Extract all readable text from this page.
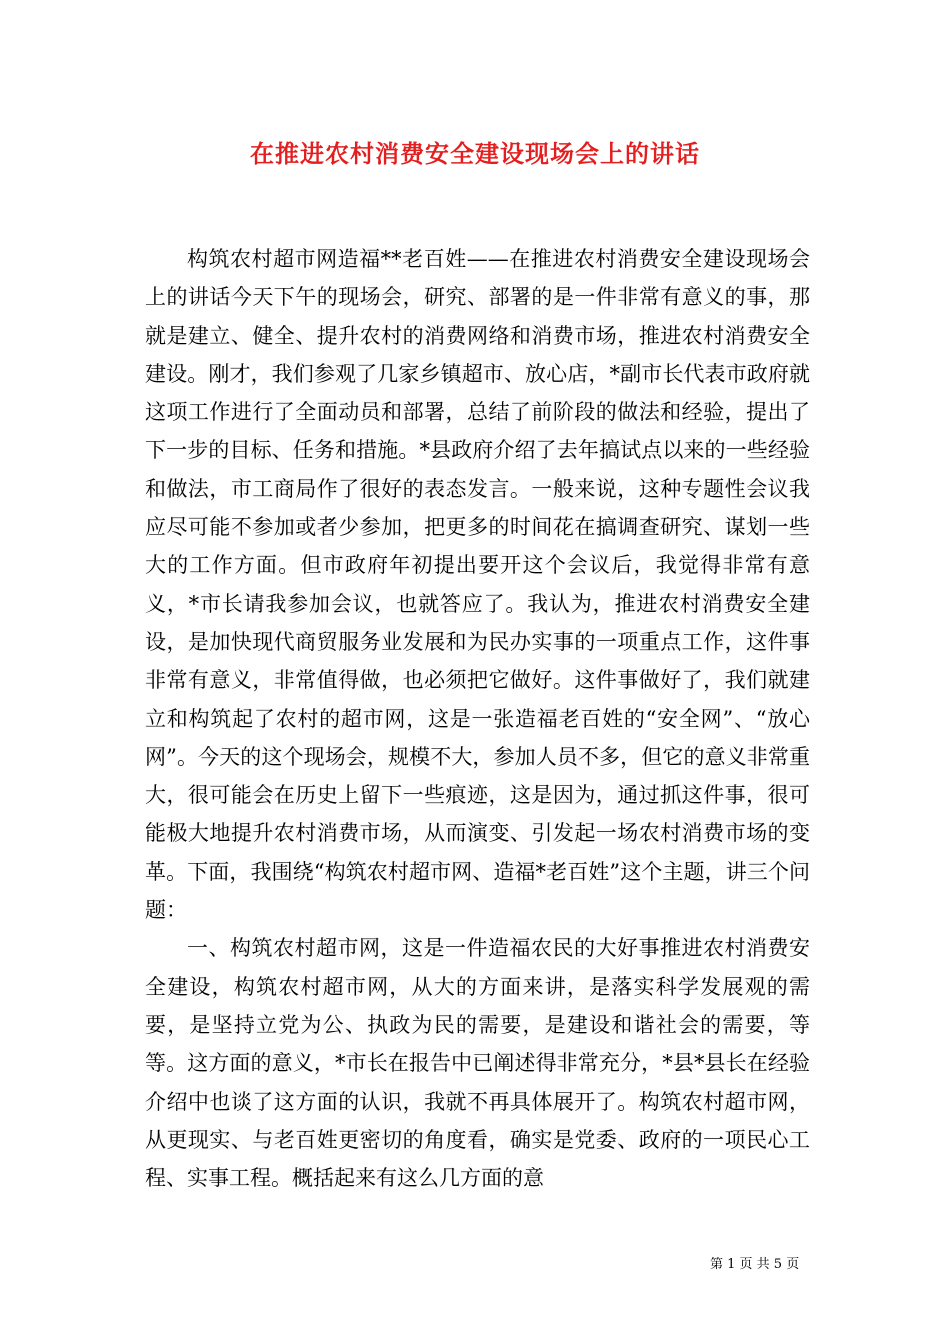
在推进农村消费安全建设现场会上的讲话

构筑农村超市网造福**老百姓——在推进农村消费安全建设现场会上的讲话今天下午的现场会，研究、部署的是一件非常有意义的事，那就是建立、健全、提升农村的消费网络和消费市场，推进农村消费安全建设。刚才，我们参观了几家乡镇超市、放心店，*副市长代表市政府就这项工作进行了全面动员和部署，总结了前阶段的做法和经验，提出了下一步的目标、任务和措施。*县政府介绍了去年搞试点以来的一些经验和做法，市工商局作了很好的表态发言。一般来说，这种专题性会议我应尽可能不参加或者少参加，把更多的时间花在搞调查研究、谋划一些大的工作方面。但市政府年初提出要开这个会议后，我觉得非常有意义，*市长请我参加会议，也就答应了。我认为，推进农村消费安全建设，是加快现代商贸服务业发展和为民办实事的一项重点工作，这件事非常有意义，非常值得做，也必须把它做好。这件事做好了，我们就建立和构筑起了农村的超市网，这是一张造福老百姓的“安全网”、“放心网”。今天的这个现场会，规模不大，参加人员不多，但它的意义非常重大，很可能会在历史上留下一些痕迹，这是因为，通过抓这件事，很可能极大地提升农村消费市场，从而演变、引发起一场农村消费市场的变革。下面，我围绕“构筑农村超市网、造福*老百姓”这个主题，讲三个问题：

一、构筑农村超市网，这是一件造福农民的大好事推进农村消费安全建设，构筑农村超市网，从大的方面来讲，是落实科学发展观的需要，是坚持立党为公、执政为民的需要，是建设和谐社会的需要，等等。这方面的意义，*市长在报告中已阐述得非常充分，*县*县长在经验介绍中也谈了这方面的认识，我就不再具体展开了。构筑农村超市网，从更现实、与老百姓更密切的角度看，确实是党委、政府的一项民心工程、实事工程。概括起来有这么几方面的意

第 1 页 共 5 页
